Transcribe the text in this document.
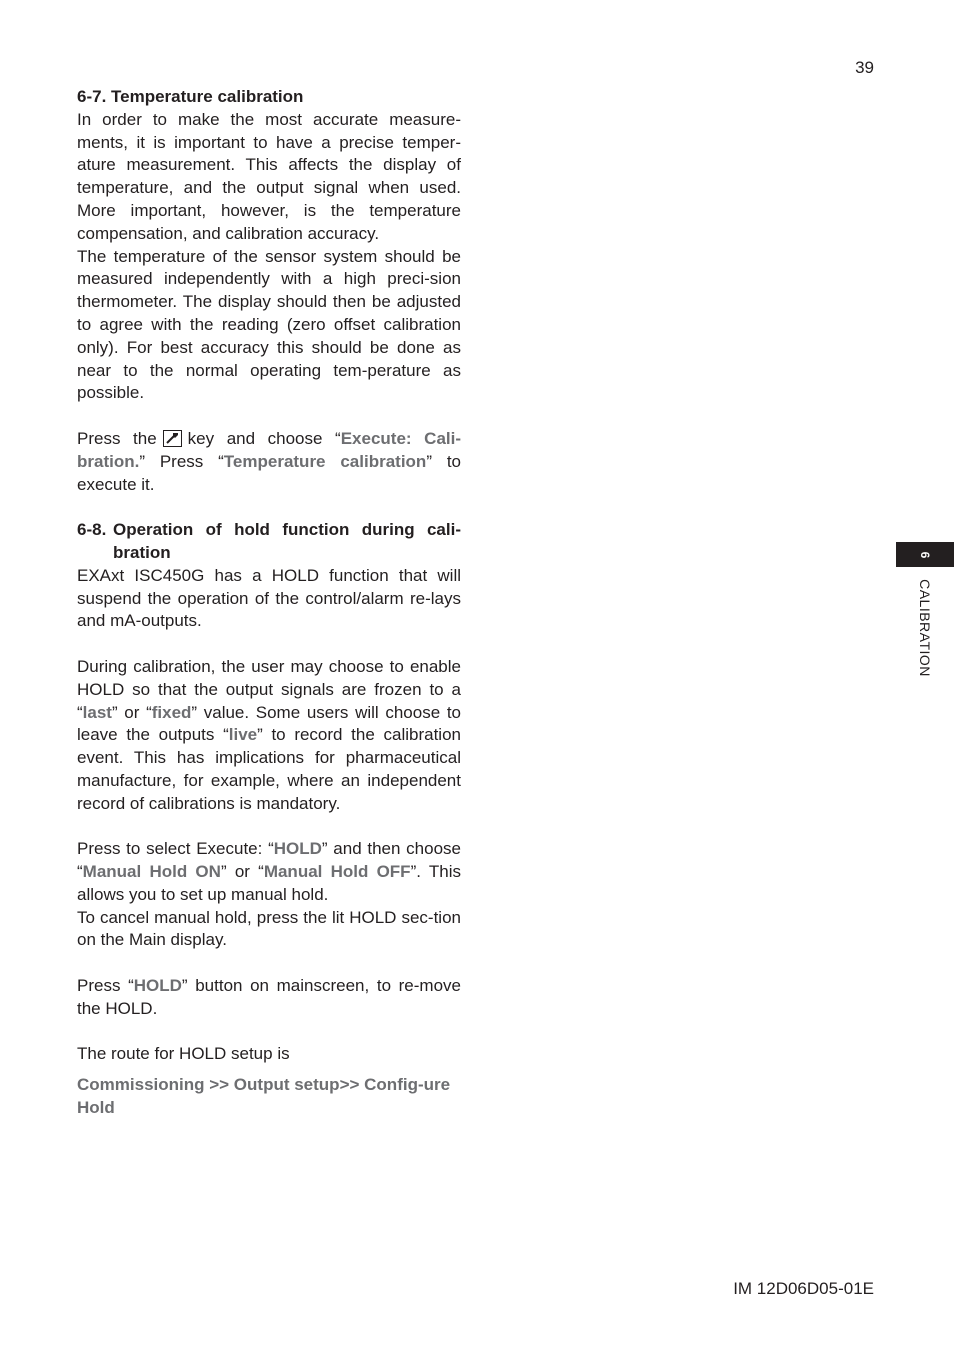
39

6-7. Temperature calibration

In order to make the most accurate measure-ments, it is important to have a precise temper-ature measurement. This affects the display of temperature, and the output signal when used. More important, however, is the temperature compensation, and calibration accuracy.

The temperature of the sensor system should be measured independently with a high preci-sion thermometer. The display should then be adjusted to agree with the reading (zero offset calibration only). For best accuracy this should be done as near to the normal operating tem-perature as possible.

Press the key and choose “Execute: Cali-bration.” Press “Temperature calibration” to execute it.

6-8. Operation of hold function during cali-bration

EXAxt ISC450G has a HOLD function that will suspend the operation of the control/alarm re-lays and mA-outputs.

During calibration, the user may choose to enable HOLD so that the output signals are frozen to a “last” or “fixed” value. Some users will choose to leave the outputs “live” to record the calibration event. This has implications for pharmaceutical manufacture, for example, where an independent record of calibrations is mandatory.

Press to select Execute: “HOLD” and then choose “Manual Hold ON” or “Manual Hold OFF”. This allows you to set up manual hold.

To cancel manual hold, press the lit HOLD sec-tion on the Main display.

Press “HOLD” button on mainscreen, to re-move the HOLD.

The route for HOLD setup is

Commissioning >> Output setup>> Config-ure Hold

6
CALIBRATION
IM 12D06D05-01E
